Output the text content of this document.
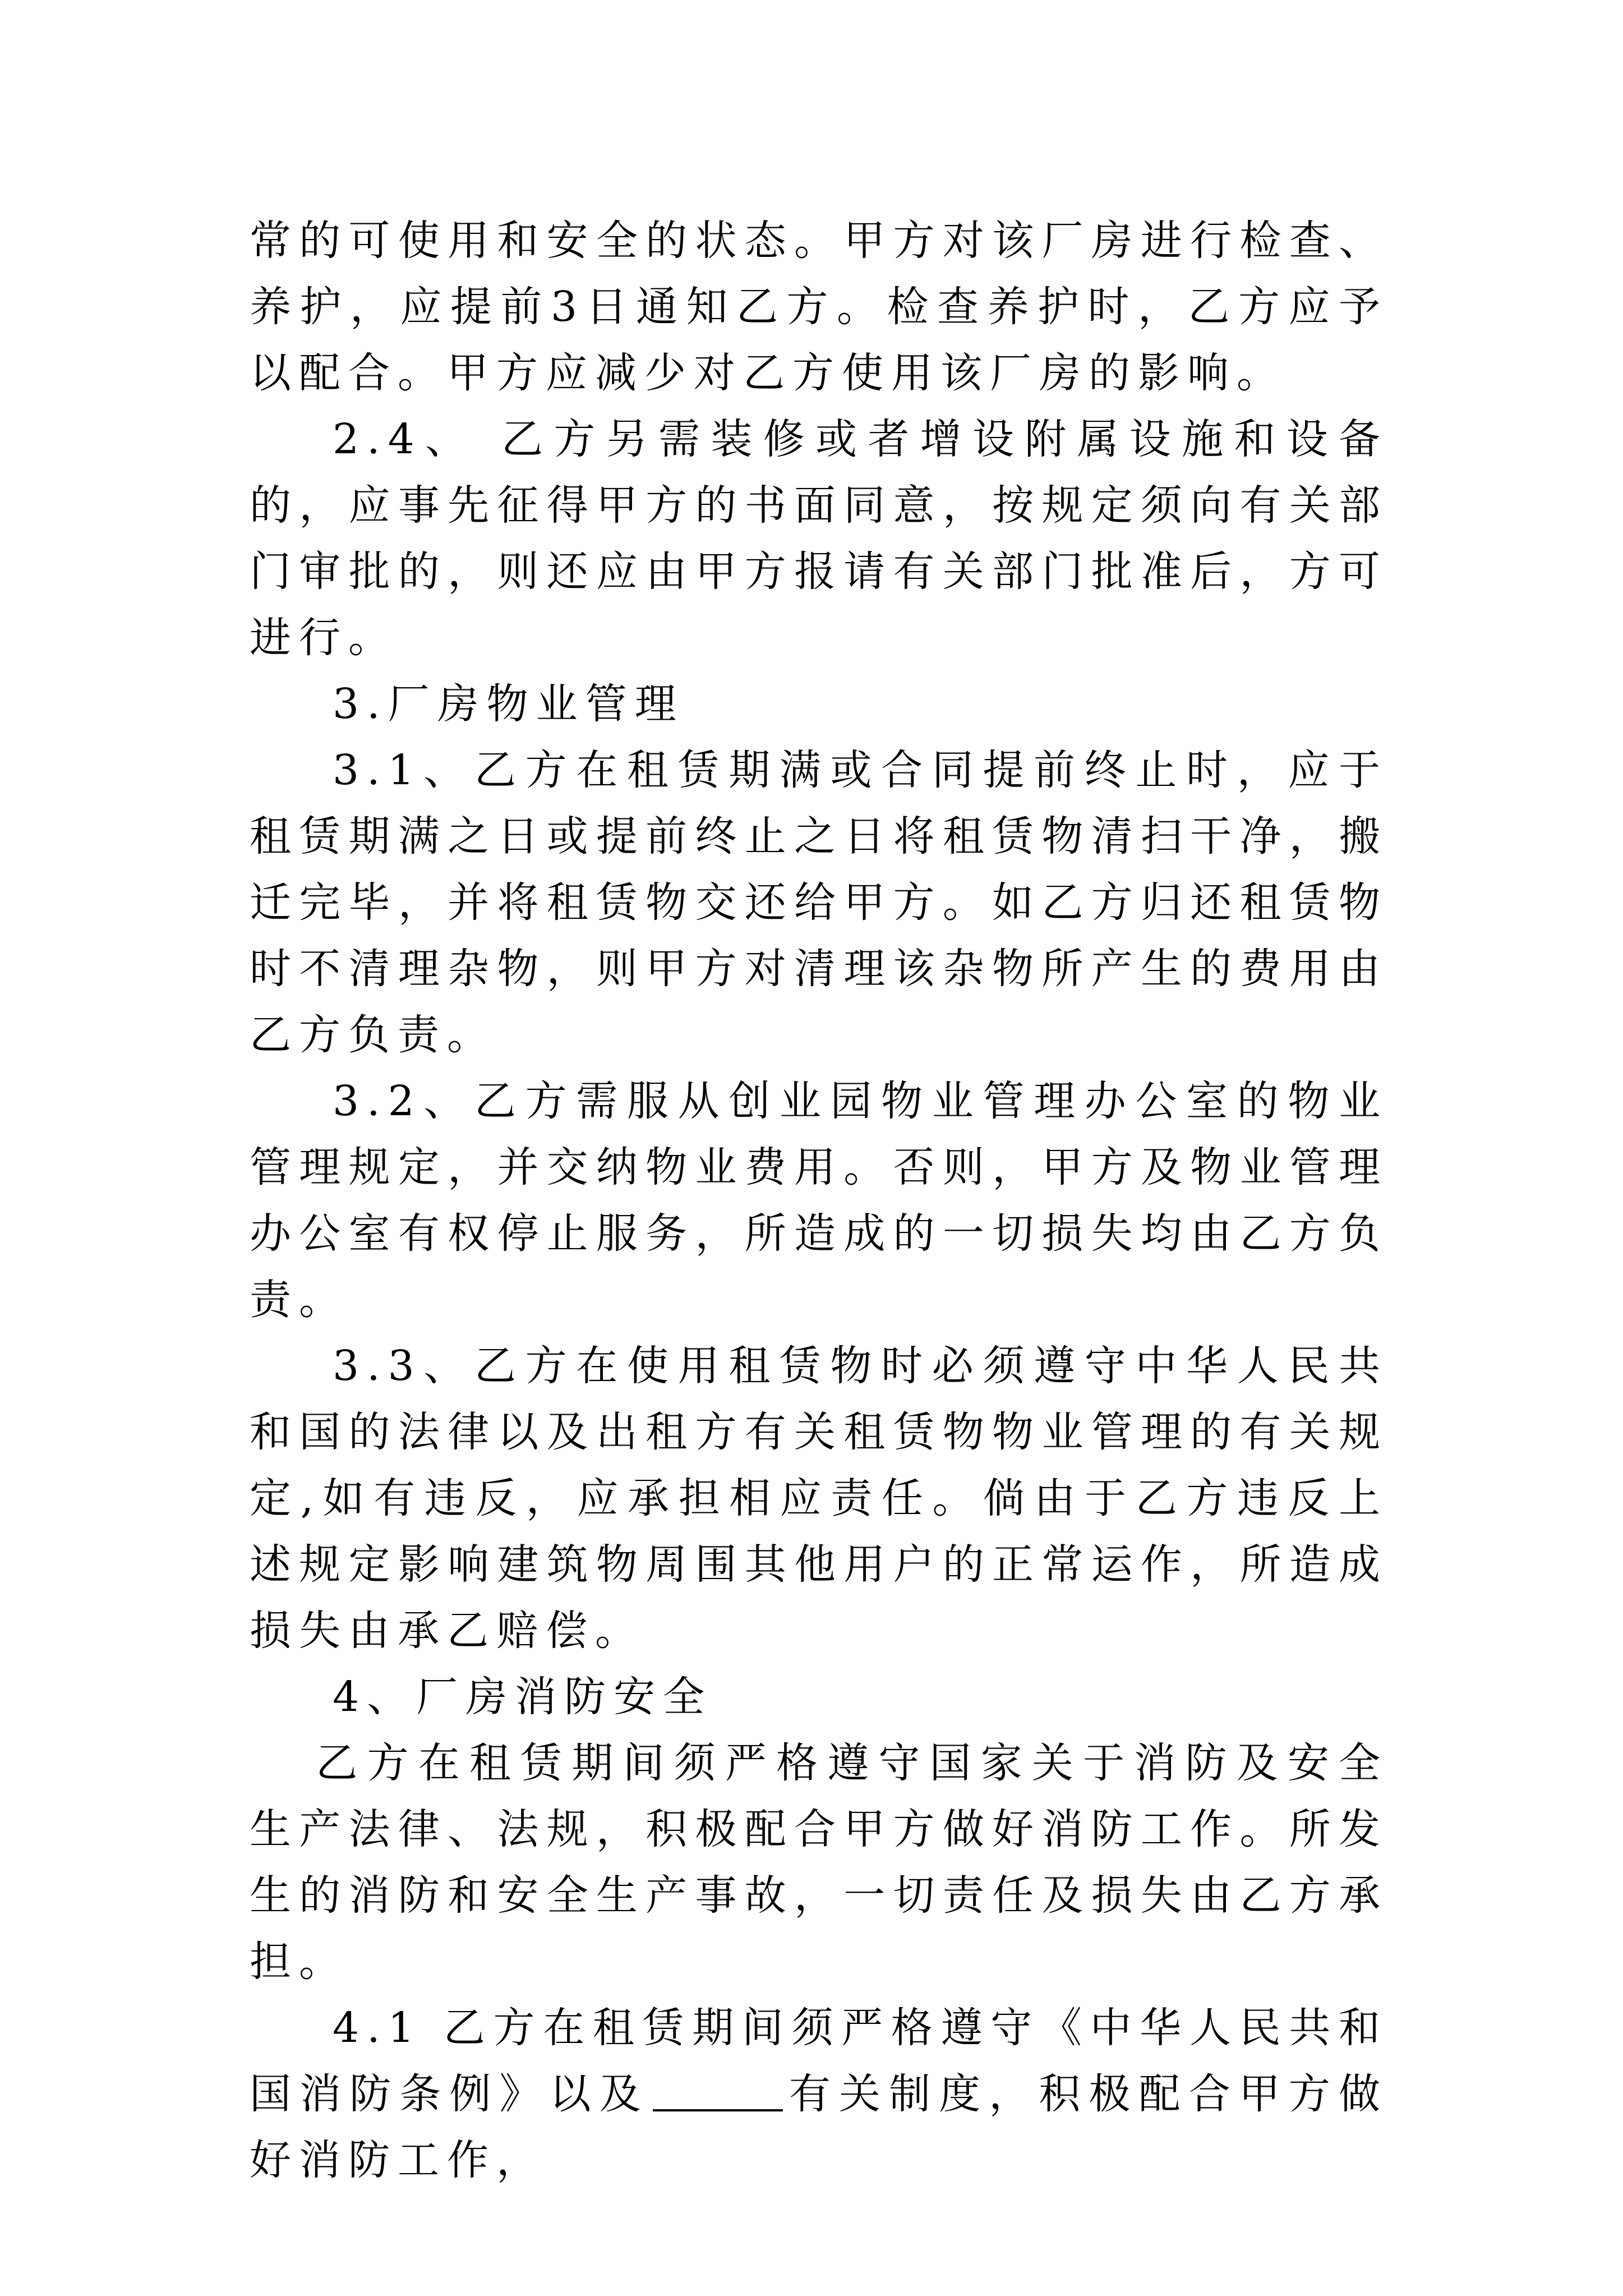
常的可使用和安全的状态。甲方对该厂房进行检查、养护，应提前3日通知乙方。检查养护时，乙方应予以配合。甲方应减少对乙方使用该厂房的影响。

2.4、 乙方另需装修或者增设附属设施和设备的，应事先征得甲方的书面同意，按规定须向有关部门审批的，则还应由甲方报请有关部门批准后，方可进行。

3.厂房物业管理

3.1、乙方在租赁期满或合同提前终止时，应于租赁期满之日或提前终止之日将租赁物清扫干净，搬迁完毕，并将租赁物交还给甲方。如乙方归还租赁物时不清理杂物，则甲方对清理该杂物所产生的费用由乙方负责。

3.2、乙方需服从创业园物业管理办公室的物业管理规定，并交纳物业费用。否则，甲方及物业管理办公室有权停止服务，所造成的一切损失均由乙方负责。

3.3、乙方在使用租赁物时必须遵守中华人民共和国的法律以及出租方有关租赁物物业管理的有关规定,如有违反，应承担相应责任。倘由于乙方违反上述规定影响建筑物周围其他用户的正常运作，所造成损失由承乙赔偿。

4、厂房消防安全

乙方在租赁期间须严格遵守国家关于消防及安全生产法律、法规，积极配合甲方做好消防工作。所发生的消防和安全生产事故，一切责任及损失由乙方承担。

4.1 乙方在租赁期间须严格遵守《中华人民共和国消防条例》以及	有关制度，积极配合甲方做好消防工作，
